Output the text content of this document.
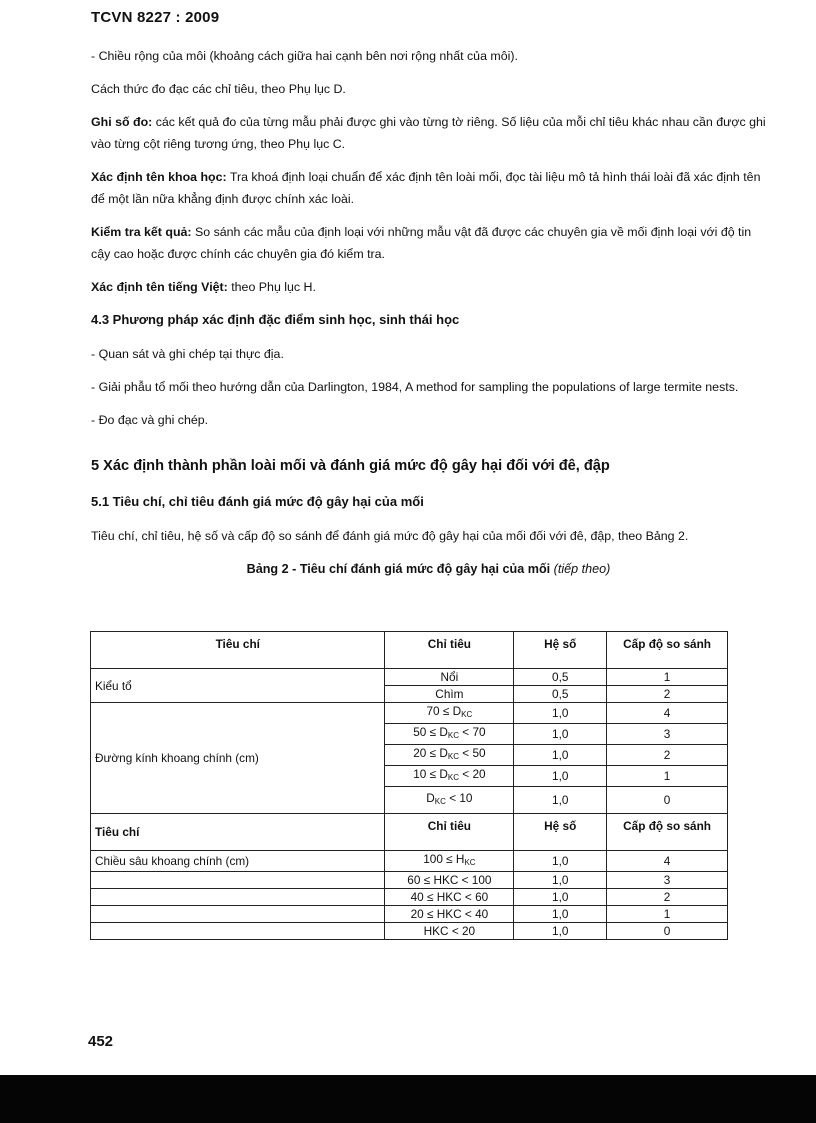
TCVN 8227 : 2009

- Chiều rộng của môi (khoảng cách giữa hai cạnh bên nơi rộng nhất của môi).

Cách thức đo đạc các chỉ tiêu, theo Phụ lục D.

Ghi số đo: các kết quả đo của từng mẫu phải được ghi vào từng tờ riêng. Số liệu của mỗi chỉ tiêu khác nhau cần được ghi vào từng cột riêng tương ứng, theo Phụ lục C.

Xác định tên khoa học: Tra khoá định loại chuẩn để xác định tên loài mối, đọc tài liệu mô tả hình thái loài đã xác định tên để một lần nữa khẳng định được chính xác loài.

Kiểm tra kết quả: So sánh các mẫu của định loại với những mẫu vật đã được các chuyên gia về mối định loại với độ tin cậy cao hoặc được chính các chuyên gia đó kiểm tra.

Xác định tên tiếng Việt: theo Phụ lục H.

4.3 Phương pháp xác định đặc điểm sinh học, sinh thái học

- Quan sát và ghi chép tại thực địa.

- Giải phẫu tổ mối theo hướng dẫn của Darlington, 1984, A method for sampling the populations of large termite nests.

- Đo đạc và ghi chép.

5 Xác định thành phần loài mối và đánh giá mức độ gây hại đối với đê, đập

5.1 Tiêu chí, chỉ tiêu đánh giá mức độ gây hại của mối

Tiêu chí, chỉ tiêu, hệ số và cấp độ so sánh để đánh giá mức độ gây hại của mối đối với đê, đập, theo Bảng 2.

Bảng 2 - Tiêu chí đánh giá mức độ gây hại của mối (tiếp theo)

Tiêu chí	Chỉ tiêu	Hệ số	Cấp độ so sánh
Kiểu tổ	Nổi	0,5	1
	Chìm	0,5	2
Đường kính khoang chính (cm)	$70 \le D_{KC}$	1,0	4
	$50 \le D_{KC} < 70$	1,0	3
	$20 \le D_{KC} < 50$	1,0	2
	$10 \le D_{KC} < 20$	1,0	1
	$D_{KC} < 10$	1,0	0
Tiêu chí	Chỉ tiêu	Hệ số	Cấp độ so sánh
Chiều sâu khoang chính (cm)	$100 \le H_{KC}$	1,0	4
	60 ≤ HKC < 100	1,0	3
	40 ≤ HKC < 60	1,0	2
	20 ≤ HKC < 40	1,0	1
	HKC < 20	1,0	0
452
